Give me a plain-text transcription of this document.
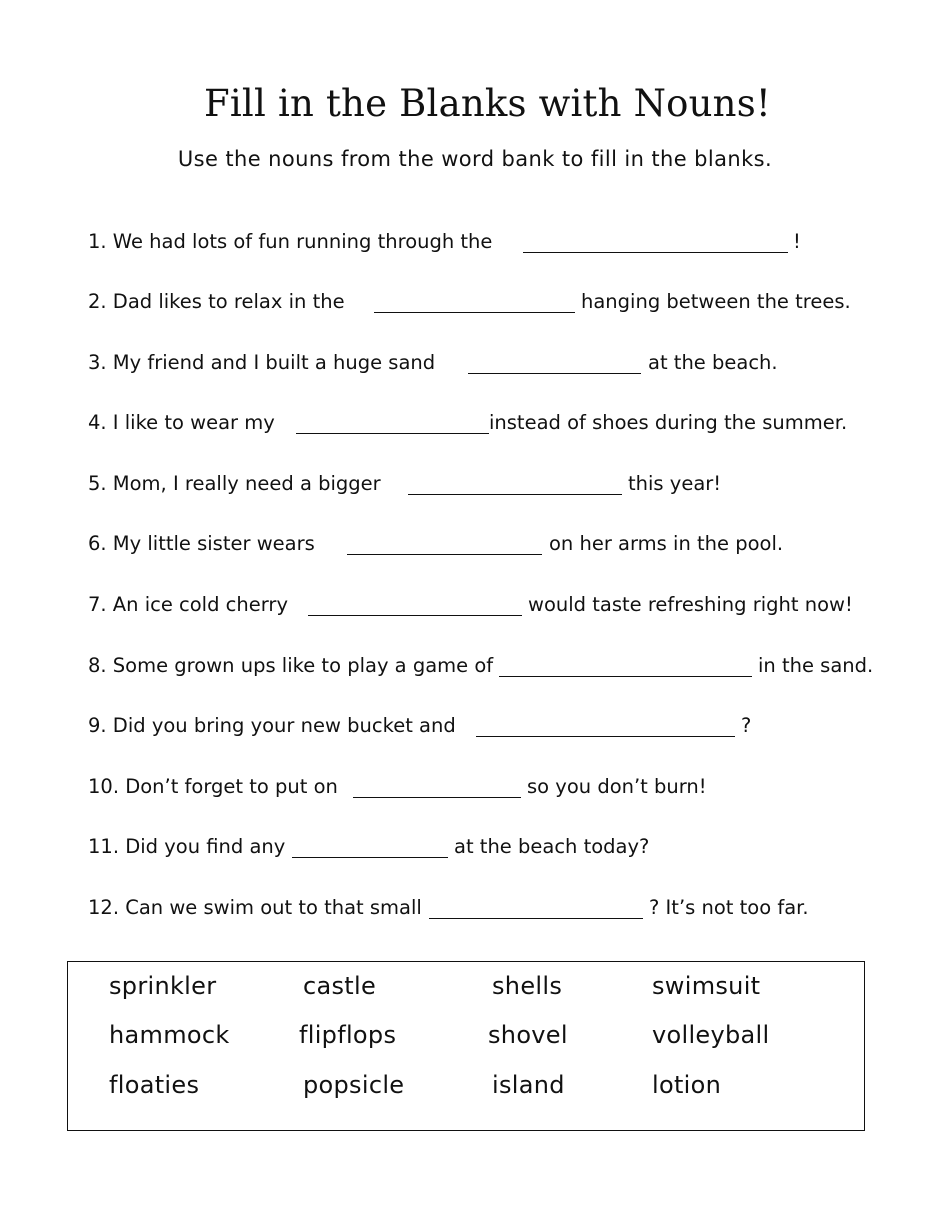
Fill in the Blanks with Nouns!

Use the nouns from the word bank to fill in the blanks.

1. We had lots of fun running through the	!
2. Dad likes to relax in the	hanging between the trees.
3. My friend and I built a huge sand	at the beach.
4. I like to wear my	instead of shoes during the summer.
5. Mom, I really need a bigger	this year!
6. My little sister wears	on her arms in the pool.
7. An ice cold cherry	would taste refreshing right now!
8. Some grown ups like to play a game of	in the sand.
9. Did you bring your new bucket and	?
10. Don’t forget to put on	so you don’t burn!
11. Did you find any	at the beach today?
12. Can we swim out to that small	? It’s not too far.
sprinkler	castle	shells	swimsuit
hammock	flipflops	shovel	volleyball
floaties	popsicle	island	lotion
